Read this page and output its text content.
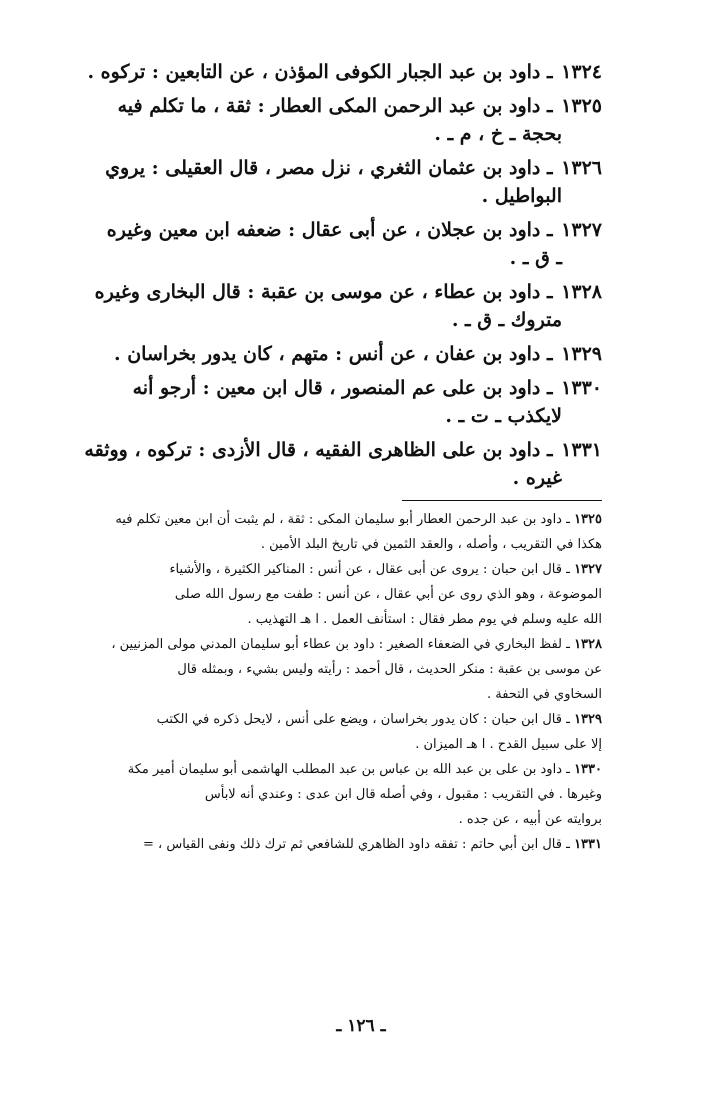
١٣٢٤ ـ داود بن عبد الجبار الكوفى المؤذن ، عن التابعين : تركوه .
١٣٢٥ ـ داود بن عبد الرحمن المكى العطار : ثقة ، ما تكلم فيه
بحجة ـ خ ، م ـ .
١٣٢٦ ـ داود بن عثمان الثغري ، نزل مصر ، قال العقيلى : يروي
البواطيل .
١٣٢٧ ـ داود بن عجلان ، عن أبى عقال : ضعفه ابن معين وغيره
ـ ق ـ .
١٣٢٨ ـ داود بن عطاء ، عن موسى بن عقبة : قال البخارى وغيره
متروك ـ ق ـ .
١٣٢٩ ـ داود بن عفان ، عن أنس : متهم ، كان يدور بخراسان .
١٣٣٠ ـ داود بن على عم المنصور ، قال ابن معين : أرجو أنه
لايكذب ـ ت ـ .
١٣٣١ ـ داود بن على الظاهرى الفقيه ، قال الأزدى : تركوه ، ووثقه
غيره .

١٣٢٥ ـ داود بن عبد الرحمن العطار أبو سليمان المكى : ثقة ، لم يثبت أن ابن معين تكلم فيه

هكذا في التقريب ، وأصله ، والعقد الثمين في تاريخ البلد الأمين .

١٣٢٧ ـ قال ابن حبان : يروى عن أبى عقال ، عن أنس : المناكير الكثيرة ، والأشياء

الموضوعة ، وهو الذي روى عن أبي عقال ، عن أنس : طفت مع رسول الله صلى

الله عليه وسلم في يوم مطر فقال : استأنف العمل . ا هـ التهذيب .

١٣٢٨ ـ لفظ البخاري في الضعفاء الصغير : داود بن عطاء أبو سليمان المدني مولى المزنيين ،

عن موسى بن عقبة : منكر الحديث ، قال أحمد : رأيته وليس بشيء ، وبمثله قال

السخاوي في التحفة .

١٣٢٩ ـ قال ابن حبان : كان يدور بخراسان ، ويضع على أنس ، لايحل ذكره في الكتب

إلا على سبيل القدح . ا هـ الميزان .

١٣٣٠ ـ داود بن على بن عبد الله بن عباس بن عبد المطلب الهاشمى أبو سليمان أمير مكة

وغيرها . في التقريب : مقبول ، وفي أصله قال ابن عدى : وعندي أنه لابأس

بروايته عن أبيه ، عن جده .

١٣٣١ ـ قال ابن أبي حاتم : تفقه داود الظاهري للشافعي ثم ترك ذلك ونفى القياس ، =

ـ ١٢٦ ـ
